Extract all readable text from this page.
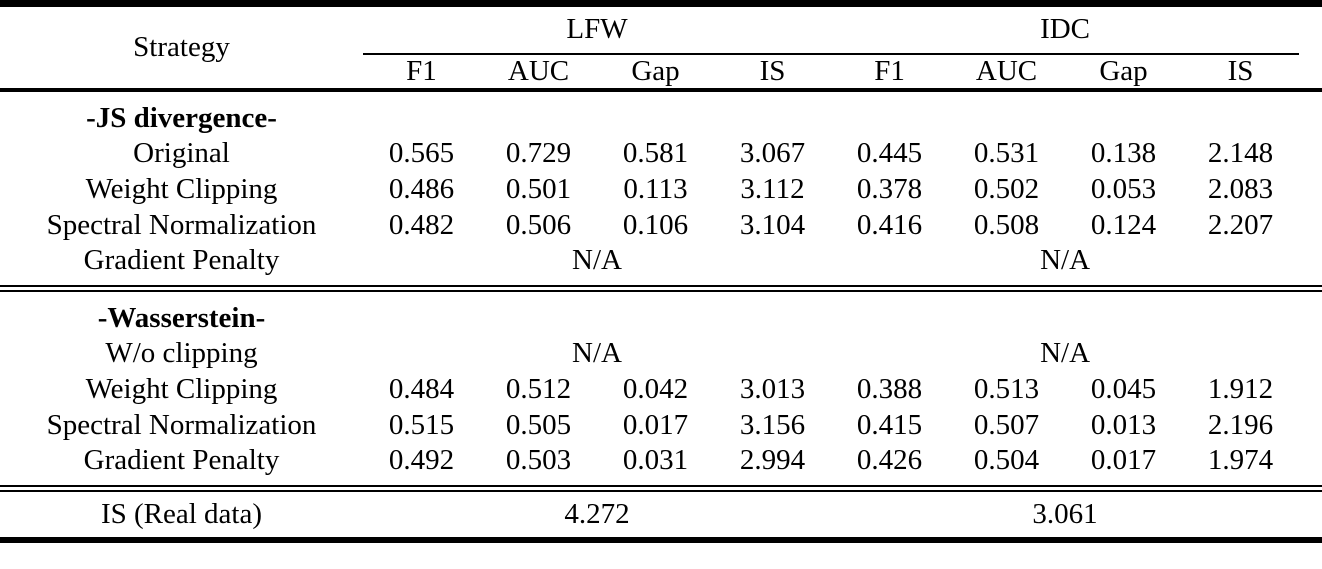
Strategy	LFW				IDC				
	F1	AUC	Gap	IS	F1	AUC	Gap	IS	
-JS divergence-									
Original	0.565	0.729	0.581	3.067	0.445	0.531	0.138	2.148	
Weight Clipping	0.486	0.501	0.113	3.112	0.378	0.502	0.053	2.083	
Spectral Normalization	0.482	0.506	0.106	3.104	0.416	0.508	0.124	2.207	
Gradient Penalty	N/A				N/A				
-Wasserstein-									
W/o clipping	N/A				N/A				
Weight Clipping	0.484	0.512	0.042	3.013	0.388	0.513	0.045	1.912	
Spectral Normalization	0.515	0.505	0.017	3.156	0.415	0.507	0.013	2.196	
Gradient Penalty	0.492	0.503	0.031	2.994	0.426	0.504	0.017	1.974	
IS (Real data)	4.272				3.061				
